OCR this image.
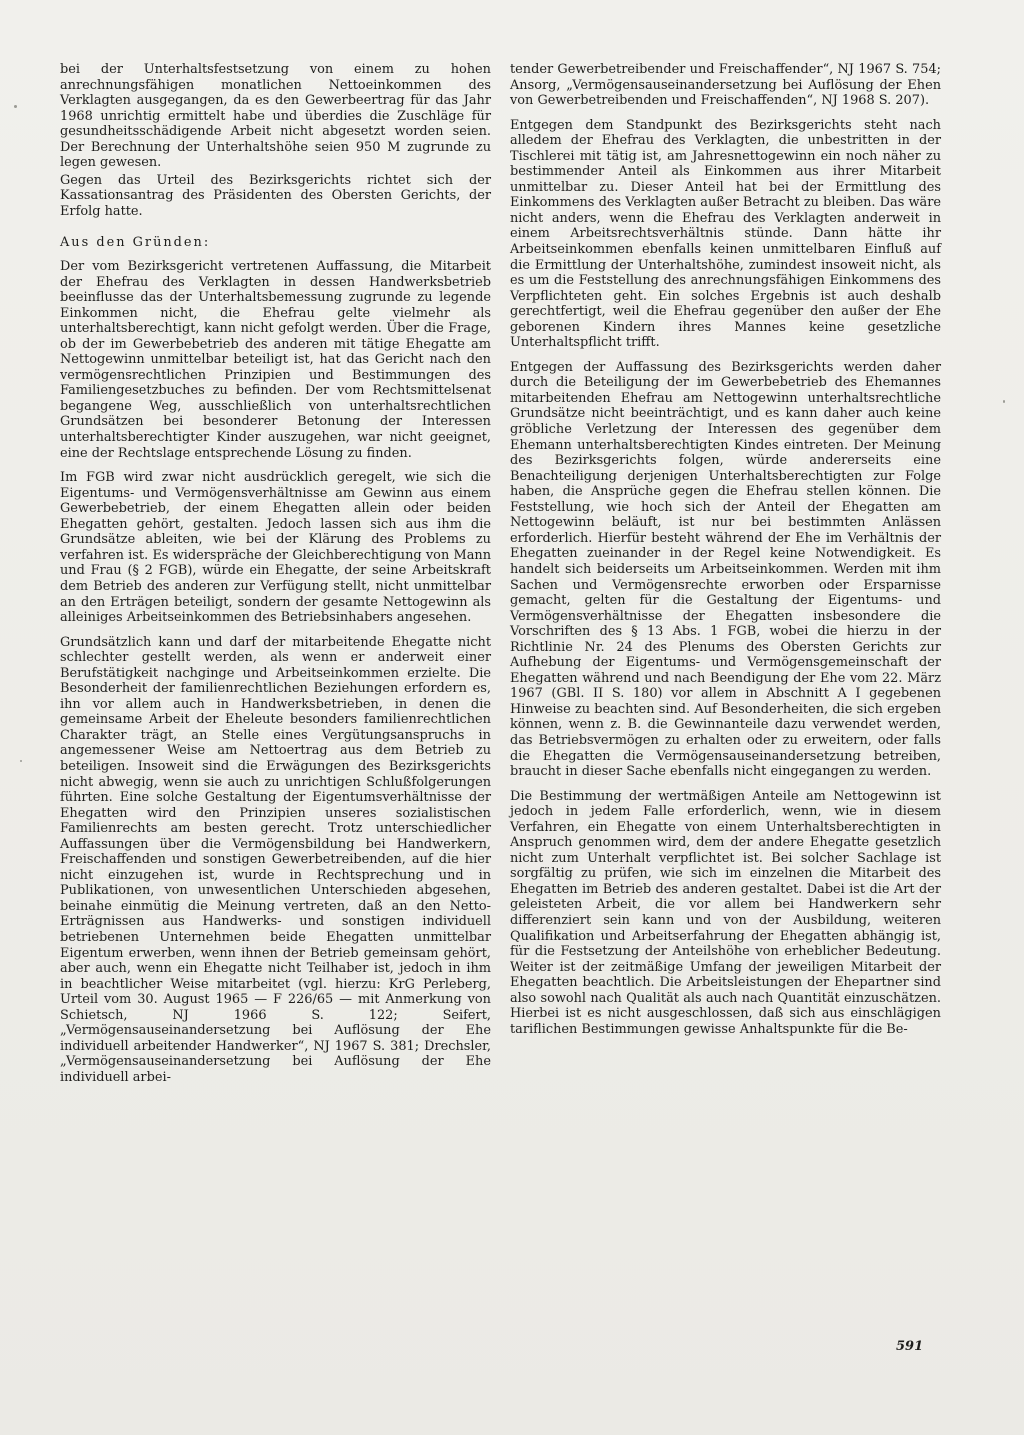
bei der Unterhaltsfestsetzung von einem zu hohen anrechnungsfähigen monatlichen Nettoeinkommen des Verklagten ausgegangen, da es den Gewerbeertrag für das Jahr 1968 unrichtig ermittelt habe und überdies die Zuschläge für gesundheitsschädigende Arbeit nicht abgesetzt worden seien. Der Berechnung der Unterhaltshöhe seien 950 M zugrunde zu legen gewesen.

Gegen das Urteil des Bezirksgerichts richtet sich der Kassationsantrag des Präsidenten des Obersten Gerichts, der Erfolg hatte.

Aus den Gründen:

Der vom Bezirksgericht vertretenen Auffassung, die Mitarbeit der Ehefrau des Verklagten in dessen Handwerksbetrieb beeinflusse das der Unterhaltsbemessung zugrunde zu legende Einkommen nicht, die Ehefrau gelte vielmehr als unterhaltsberechtigt, kann nicht gefolgt werden. Über die Frage, ob der im Gewerbebetrieb des anderen mit tätige Ehegatte am Nettogewinn unmittelbar beteiligt ist, hat das Gericht nach den vermögensrechtlichen Prinzipien und Bestimmungen des Familiengesetzbuches zu befinden. Der vom Rechtsmittelsenat begangene Weg, ausschließlich von unterhaltsrechtlichen Grundsätzen bei besonderer Betonung der Interessen unterhaltsberechtigter Kinder auszugehen, war nicht geeignet, eine der Rechtslage entsprechende Lösung zu finden.

Im FGB wird zwar nicht ausdrücklich geregelt, wie sich die Eigentums- und Vermögensverhältnisse am Gewinn aus einem Gewerbebetrieb, der einem Ehegatten allein oder beiden Ehegatten gehört, gestalten. Jedoch lassen sich aus ihm die Grundsätze ableiten, wie bei der Klärung des Problems zu verfahren ist. Es widerspräche der Gleichberechtigung von Mann und Frau (§ 2 FGB), würde ein Ehegatte, der seine Arbeitskraft dem Betrieb des anderen zur Verfügung stellt, nicht unmittelbar an den Erträgen beteiligt, sondern der gesamte Nettogewinn als alleiniges Arbeitseinkommen des Betriebsinhabers angesehen.

Grundsätzlich kann und darf der mitarbeitende Ehegatte nicht schlechter gestellt werden, als wenn er anderweit einer Berufstätigkeit nachginge und Arbeitseinkommen erzielte. Die Besonderheit der familienrechtlichen Beziehungen erfordern es, ihn vor allem auch in Handwerksbetrieben, in denen die gemeinsame Arbeit der Eheleute besonders familienrechtlichen Charakter trägt, an Stelle eines Vergütungsanspruchs in angemessener Weise am Nettoertrag aus dem Betrieb zu beteiligen. Insoweit sind die Erwägungen des Bezirksgerichts nicht abwegig, wenn sie auch zu unrichtigen Schlußfolgerungen führten. Eine solche Gestaltung der Eigentumsverhältnisse der Ehegatten wird den Prinzipien unseres sozialistischen Familienrechts am besten gerecht. Trotz unterschiedlicher Auffassungen über die Vermögensbildung bei Handwerkern, Freischaffenden und sonstigen Gewerbetreibenden, auf die hier nicht einzugehen ist, wurde in Rechtsprechung und in Publikationen, von unwesentlichen Unterschieden abgesehen, beinahe einmütig die Meinung vertreten, daß an den Netto-Erträgnissen aus Handwerks- und sonstigen individuell betriebenen Unternehmen beide Ehegatten unmittelbar Eigentum erwerben, wenn ihnen der Betrieb gemeinsam gehört, aber auch, wenn ein Ehegatte nicht Teilhaber ist, jedoch in ihm in beachtlicher Weise mitarbeitet (vgl. hierzu: KrG Perleberg, Urteil vom 30. August 1965 — F 226/65 — mit Anmerkung von Schietsch, NJ 1966 S. 122; Seifert, „Vermögensauseinandersetzung bei Auflösung der Ehe individuell arbeitender Handwerker“, NJ 1967 S. 381; Drechsler, „Vermögensauseinandersetzung bei Auflösung der Ehe individuell arbei-

tender Gewerbetreibender und Freischaffender“, NJ 1967 S. 754; Ansorg, „Vermögensauseinandersetzung bei Auflösung der Ehen von Gewerbetreibenden und Freischaffenden“, NJ 1968 S. 207).

Entgegen dem Standpunkt des Bezirksgerichts steht nach alledem der Ehefrau des Verklagten, die unbestritten in der Tischlerei mit tätig ist, am Jahresnettogewinn ein noch näher zu bestimmender Anteil als Einkommen aus ihrer Mitarbeit unmittelbar zu. Dieser Anteil hat bei der Ermittlung des Einkommens des Verklagten außer Betracht zu bleiben. Das wäre nicht anders, wenn die Ehefrau des Verklagten anderweit in einem Arbeitsrechtsverhältnis stünde. Dann hätte ihr Arbeitseinkommen ebenfalls keinen unmittelbaren Einfluß auf die Ermittlung der Unterhaltshöhe, zumindest insoweit nicht, als es um die Feststellung des anrechnungsfähigen Einkommens des Verpflichteten geht. Ein solches Ergebnis ist auch deshalb gerechtfertigt, weil die Ehefrau gegenüber den außer der Ehe geborenen Kindern ihres Mannes keine gesetzliche Unterhaltspflicht trifft.

Entgegen der Auffassung des Bezirksgerichts werden daher durch die Beteiligung der im Gewerbebetrieb des Ehemannes mitarbeitenden Ehefrau am Nettogewinn unterhaltsrechtliche Grundsätze nicht beeinträchtigt, und es kann daher auch keine gröbliche Verletzung der Interessen des gegenüber dem Ehemann unterhaltsberechtigten Kindes eintreten. Der Meinung des Bezirksgerichts folgen, würde andererseits eine Benachteiligung derjenigen Unterhaltsberechtigten zur Folge haben, die Ansprüche gegen die Ehefrau stellen können. Die Feststellung, wie hoch sich der Anteil der Ehegatten am Nettogewinn beläuft, ist nur bei bestimmten Anlässen erforderlich. Hierfür besteht während der Ehe im Verhältnis der Ehegatten zueinander in der Regel keine Notwendigkeit. Es handelt sich beiderseits um Arbeitseinkommen. Werden mit ihm Sachen und Vermögensrechte erworben oder Ersparnisse gemacht, gelten für die Gestaltung der Eigentums- und Vermögensverhältnisse der Ehegatten insbesondere die Vorschriften des § 13 Abs. 1 FGB, wobei die hierzu in der Richtlinie Nr. 24 des Plenums des Obersten Gerichts zur Aufhebung der Eigentums- und Vermögensgemeinschaft der Ehegatten während und nach Beendigung der Ehe vom 22. März 1967 (GBl. II S. 180) vor allem in Abschnitt A I gegebenen Hinweise zu beachten sind. Auf Besonderheiten, die sich ergeben können, wenn z. B. die Gewinnanteile dazu verwendet werden, das Betriebsvermögen zu erhalten oder zu erweitern, oder falls die Ehegatten die Vermögensauseinandersetzung betreiben, braucht in dieser Sache ebenfalls nicht eingegangen zu werden.

Die Bestimmung der wertmäßigen Anteile am Nettogewinn ist jedoch in jedem Falle erforderlich, wenn, wie in diesem Verfahren, ein Ehegatte von einem Unterhaltsberechtigten in Anspruch genommen wird, dem der andere Ehegatte gesetzlich nicht zum Unterhalt verpflichtet ist. Bei solcher Sachlage ist sorgfältig zu prüfen, wie sich im einzelnen die Mitarbeit des Ehegatten im Betrieb des anderen gestaltet. Dabei ist die Art der geleisteten Arbeit, die vor allem bei Handwerkern sehr differenziert sein kann und von der Ausbildung, weiteren Qualifikation und Arbeitserfahrung der Ehegatten abhängig ist, für die Festsetzung der Anteilshöhe von erheblicher Bedeutung. Weiter ist der zeitmäßige Umfang der jeweiligen Mitarbeit der Ehegatten beachtlich. Die Arbeitsleistungen der Ehepartner sind also sowohl nach Qualität als auch nach Quantität einzuschätzen. Hierbei ist es nicht ausgeschlossen, daß sich aus einschlägigen tariflichen Bestimmungen gewisse Anhaltspunkte für die Be-

591
